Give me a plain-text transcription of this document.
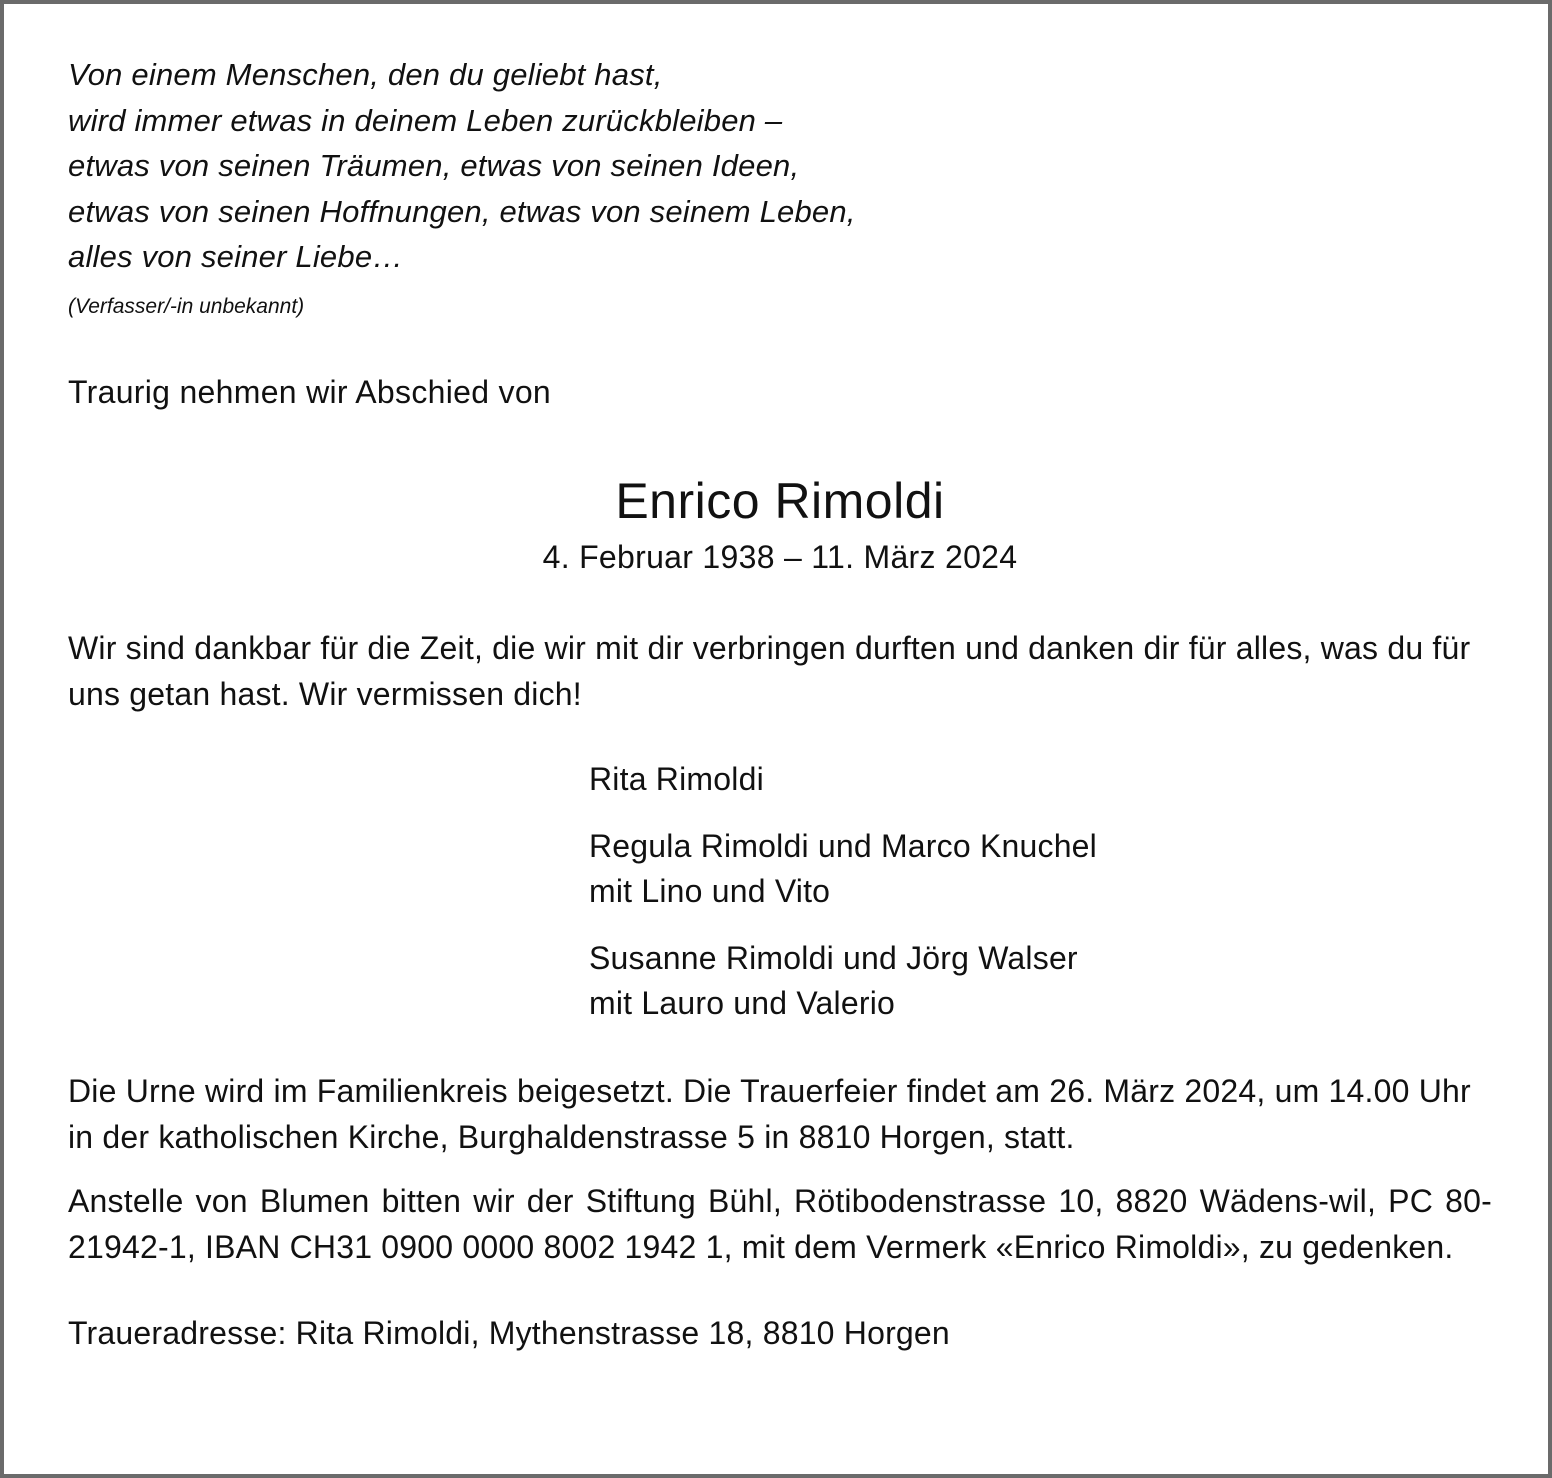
Von einem Menschen, den du geliebt hast,
wird immer etwas in deinem Leben zurückbleiben –
etwas von seinen Träumen, etwas von seinen Ideen,
etwas von seinen Hoffnungen, etwas von seinem Leben,
alles von seiner Liebe…
(Verfasser/-in unbekannt)
Traurig nehmen wir Abschied von
Enrico Rimoldi
4. Februar 1938 – 11. März 2024
Wir sind dankbar für die Zeit, die wir mit dir verbringen durften und danken dir für alles, was du für uns getan hast. Wir vermissen dich!
Rita Rimoldi
Regula Rimoldi und Marco Knuchel
mit Lino und Vito
Susanne Rimoldi und Jörg Walser
mit Lauro und Valerio
Die Urne wird im Familienkreis beigesetzt. Die Trauerfeier findet am 26. März 2024, um 14.00 Uhr in der katholischen Kirche, Burghaldenstrasse 5 in 8810 Horgen, statt.
Anstelle von Blumen bitten wir der Stiftung Bühl, Rötibodenstrasse 10, 8820 Wädens-wil, PC 80-21942-1, IBAN CH31 0900 0000 8002 1942 1, mit dem Vermerk «Enrico Rimoldi», zu gedenken.
Traueradresse: Rita Rimoldi, Mythenstrasse 18, 8810 Horgen
